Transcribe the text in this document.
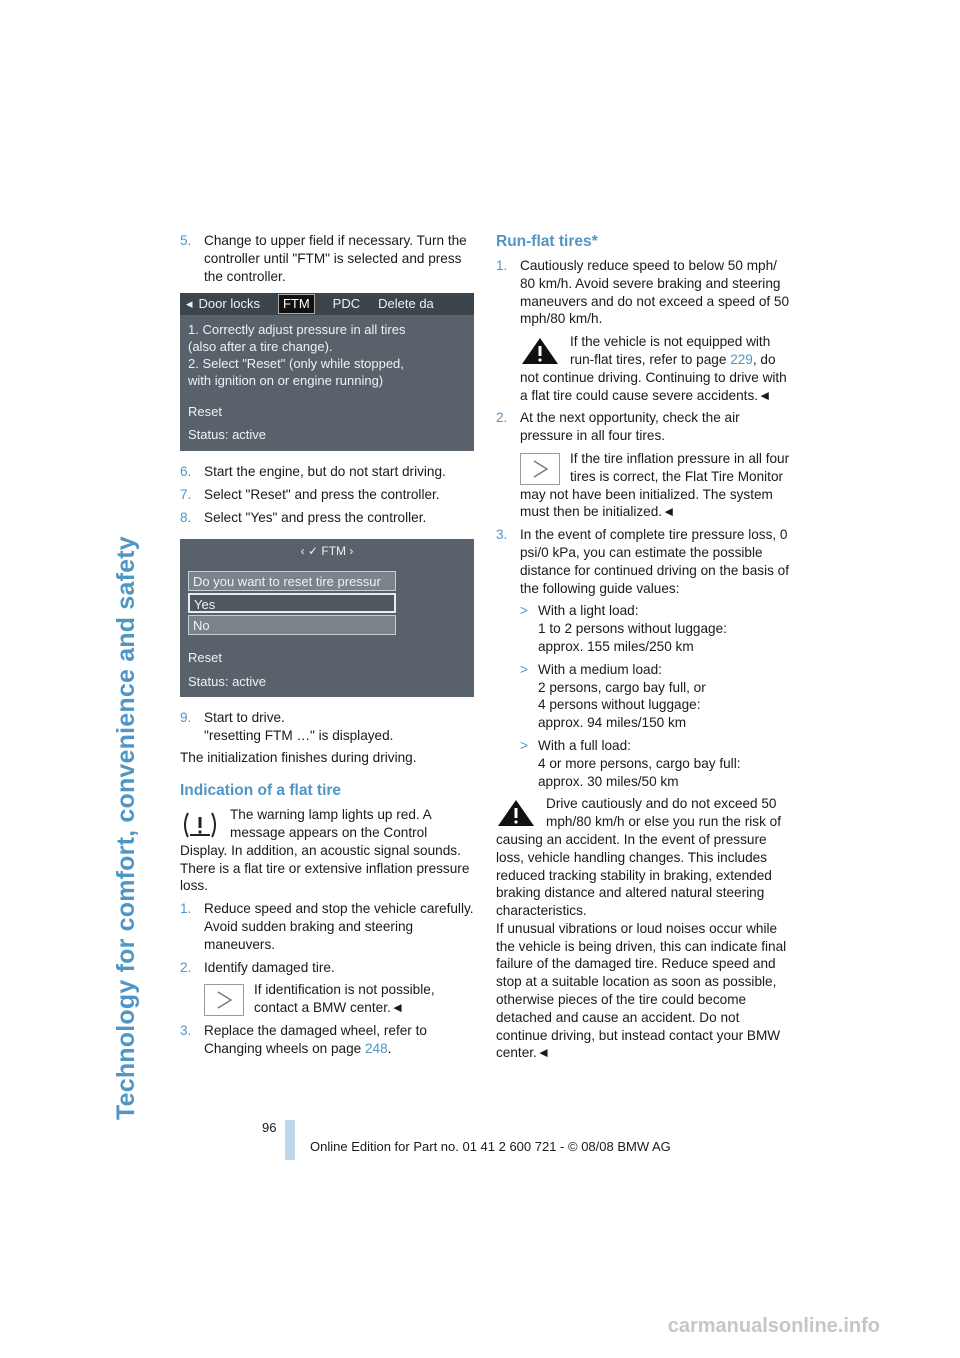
Technology for comfort, convenience and safety
5. Change to upper field if necessary. Turn the controller until "FTM" is selected and press the controller.
◂ Door locks	FTM	PDC Delete da
1. Correctly adjust pressure in all tires
(also after a tire change).
2. Select "Reset" (only while stopped,
with ignition on or engine running)
Reset
Status: active
6. Start the engine, but do not start driving.
7. Select "Reset" and press the controller.
8. Select "Yes" and press the controller.
‹ ✓ FTM ›
Do you want to reset tire pressur
Yes
No
Reset
Status: active
9. Start to drive.
"resetting FTM …" is displayed.
The initialization finishes during driving.
Indication of a flat tire
The warning lamp lights up red. A message appears on the Control Display. In addition, an acoustic signal sounds. There is a flat tire or extensive inflation pressure loss.
1. Reduce speed and stop the vehicle carefully. Avoid sudden braking and steering maneuvers.
2. Identify damaged tire.
If identification is not possible, contact a BMW center.◄
3. Replace the damaged wheel, refer to Changing wheels on page 248.
Run-flat tires*
1. Cautiously reduce speed to below 50 mph/ 80 km/h. Avoid severe braking and steering maneuvers and do not exceed a speed of 50 mph/80 km/h.
If the vehicle is not equipped with run-flat tires, refer to page 229, do not continue driving. Continuing to drive with a flat tire could cause severe accidents.◄
2. At the next opportunity, check the air pressure in all four tires.
If the tire inflation pressure in all four tires is correct, the Flat Tire Monitor may not have been initialized. The system must then be initialized.◄
3. In the event of complete tire pressure loss, 0 psi/0 kPa, you can estimate the possible distance for continued driving on the basis of the following guide values:
> With a light load:
1 to 2 persons without luggage:
approx. 155 miles/250 km
> With a medium load:
2 persons, cargo bay full, or
4 persons without luggage:
approx. 94 miles/150 km
> With a full load:
4 or more persons, cargo bay full:
approx. 30 miles/50 km
Drive cautiously and do not exceed 50 mph/80 km/h or else you run the risk of causing an accident. In the event of pressure loss, vehicle handling changes. This includes reduced tracking stability in braking, extended braking distance and altered natural steering characteristics.
If unusual vibrations or loud noises occur while the vehicle is being driven, this can indicate final failure of the damaged tire. Reduce speed and stop at a suitable location as soon as possible, otherwise pieces of the tire could become detached and cause an accident. Do not continue driving, but instead contact your BMW center.◄
96
Online Edition for Part no. 01 41 2 600 721 - © 08/08 BMW AG
carmanualsonline.info
